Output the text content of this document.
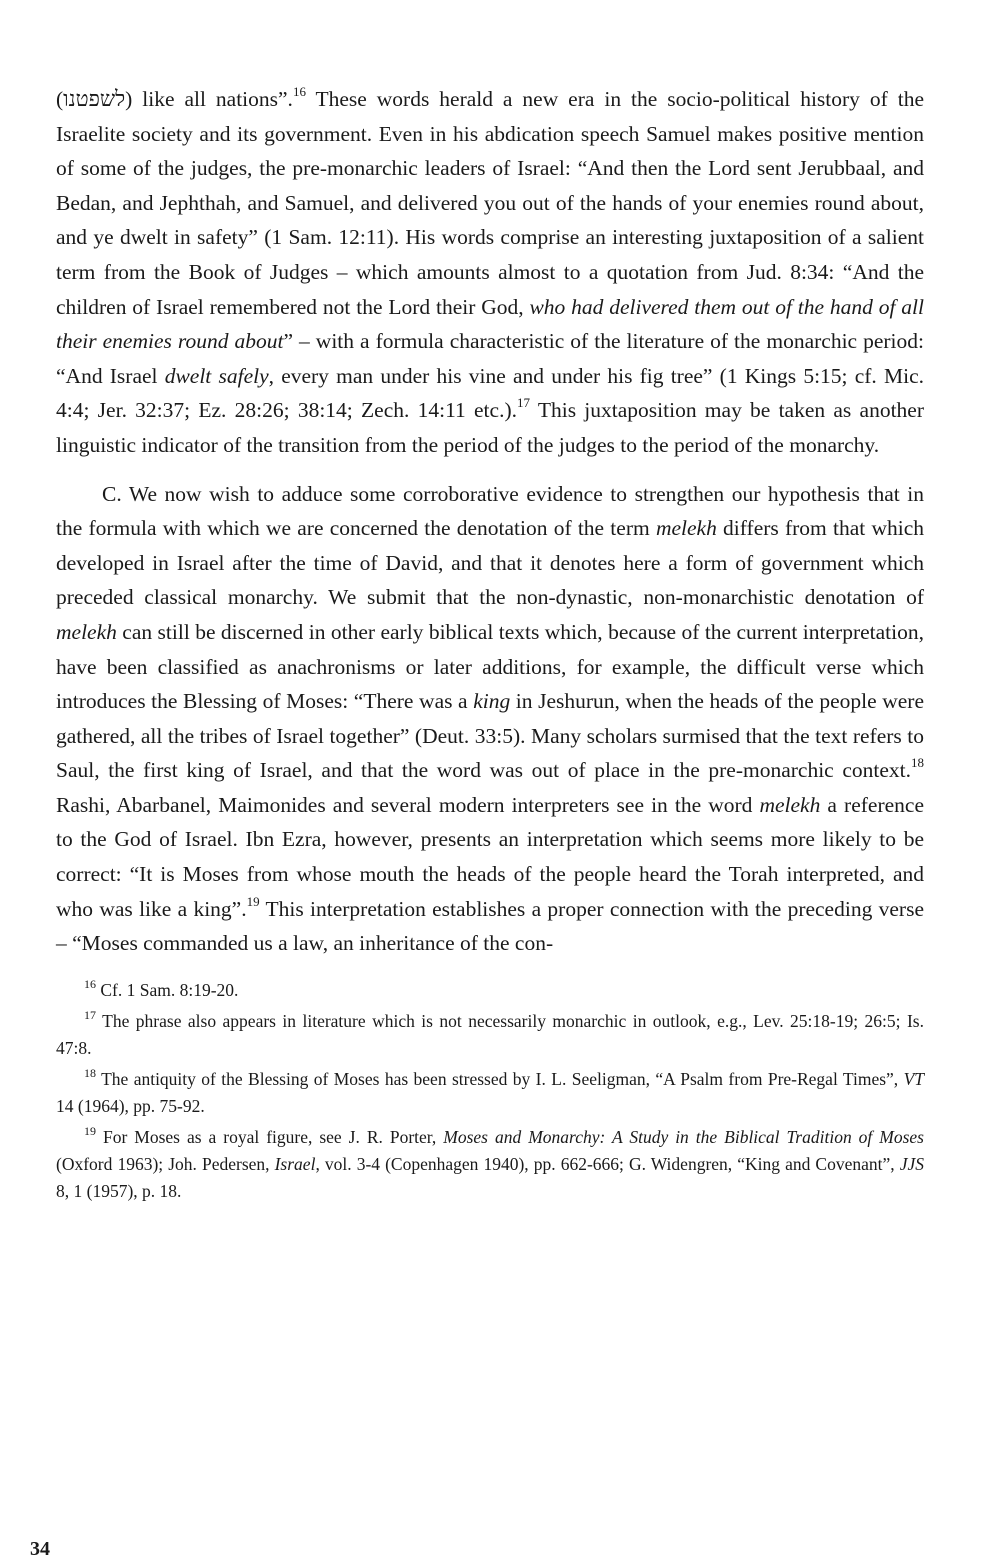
(לשפטנו) like all nations”.$^{16}$ These words herald a new era in the socio-political history of the Israelite society and its government. Even in his abdication speech Samuel makes positive mention of some of the judges, the pre-monarchic leaders of Israel: “And then the Lord sent Jerubbaal, and Bedan, and Jephthah, and Samuel, and delivered you out of the hands of your enemies round about, and ye dwelt in safety” (1 Sam. 12:11). His words comprise an interesting juxtaposition of a salient term from the Book of Judges – which amounts almost to a quotation from Jud. 8:34: “And the children of Israel remembered not the Lord their God, who had delivered them out of the hand of all their enemies round about” – with a formula characteristic of the literature of the monarchic period: “And Israel dwelt safely, every man under his vine and under his fig tree” (1 Kings 5:15; cf. Mic. 4:4; Jer. 32:37; Ez. 28:26; 38:14; Zech. 14:11 etc.).$^{17}$ This juxtaposition may be taken as another linguistic indicator of the transition from the period of the judges to the period of the monarchy.

C. We now wish to adduce some corroborative evidence to strengthen our hypothesis that in the formula with which we are concerned the denotation of the term melekh differs from that which developed in Israel after the time of David, and that it denotes here a form of government which preceded classical monarchy. We submit that the non-dynastic, non-monarchistic denotation of melekh can still be discerned in other early biblical texts which, because of the current interpretation, have been classified as anachronisms or later additions, for example, the difficult verse which introduces the Blessing of Moses: “There was a king in Jeshurun, when the heads of the people were gathered, all the tribes of Israel together” (Deut. 33:5). Many scholars surmised that the text refers to Saul, the first king of Israel, and that the word was out of place in the pre-monarchic context.$^{18}$ Rashi, Abarbanel, Maimonides and several modern interpreters see in the word melekh a reference to the God of Israel. Ibn Ezra, however, presents an interpretation which seems more likely to be correct: “It is Moses from whose mouth the heads of the people heard the Torah interpreted, and who was like a king”.$^{19}$ This interpretation establishes a proper connection with the preceding verse – “Moses commanded us a law, an inheritance of the con-

$^{16}$ Cf. 1 Sam. 8:19-20.

$^{17}$ The phrase also appears in literature which is not necessarily monarchic in outlook, e.g., Lev. 25:18-19; 26:5; Is. 47:8.

$^{18}$ The antiquity of the Blessing of Moses has been stressed by I. L. Seeligman, “A Psalm from Pre-Regal Times”, VT 14 (1964), pp. 75-92.

$^{19}$ For Moses as a royal figure, see J. R. Porter, Moses and Monarchy: A Study in the Biblical Tradition of Moses (Oxford 1963); Joh. Pedersen, Israel, vol. 3-4 (Copenhagen 1940), pp. 662-666; G. Widengren, “King and Covenant”, JJS 8, 1 (1957), p. 18.

34
